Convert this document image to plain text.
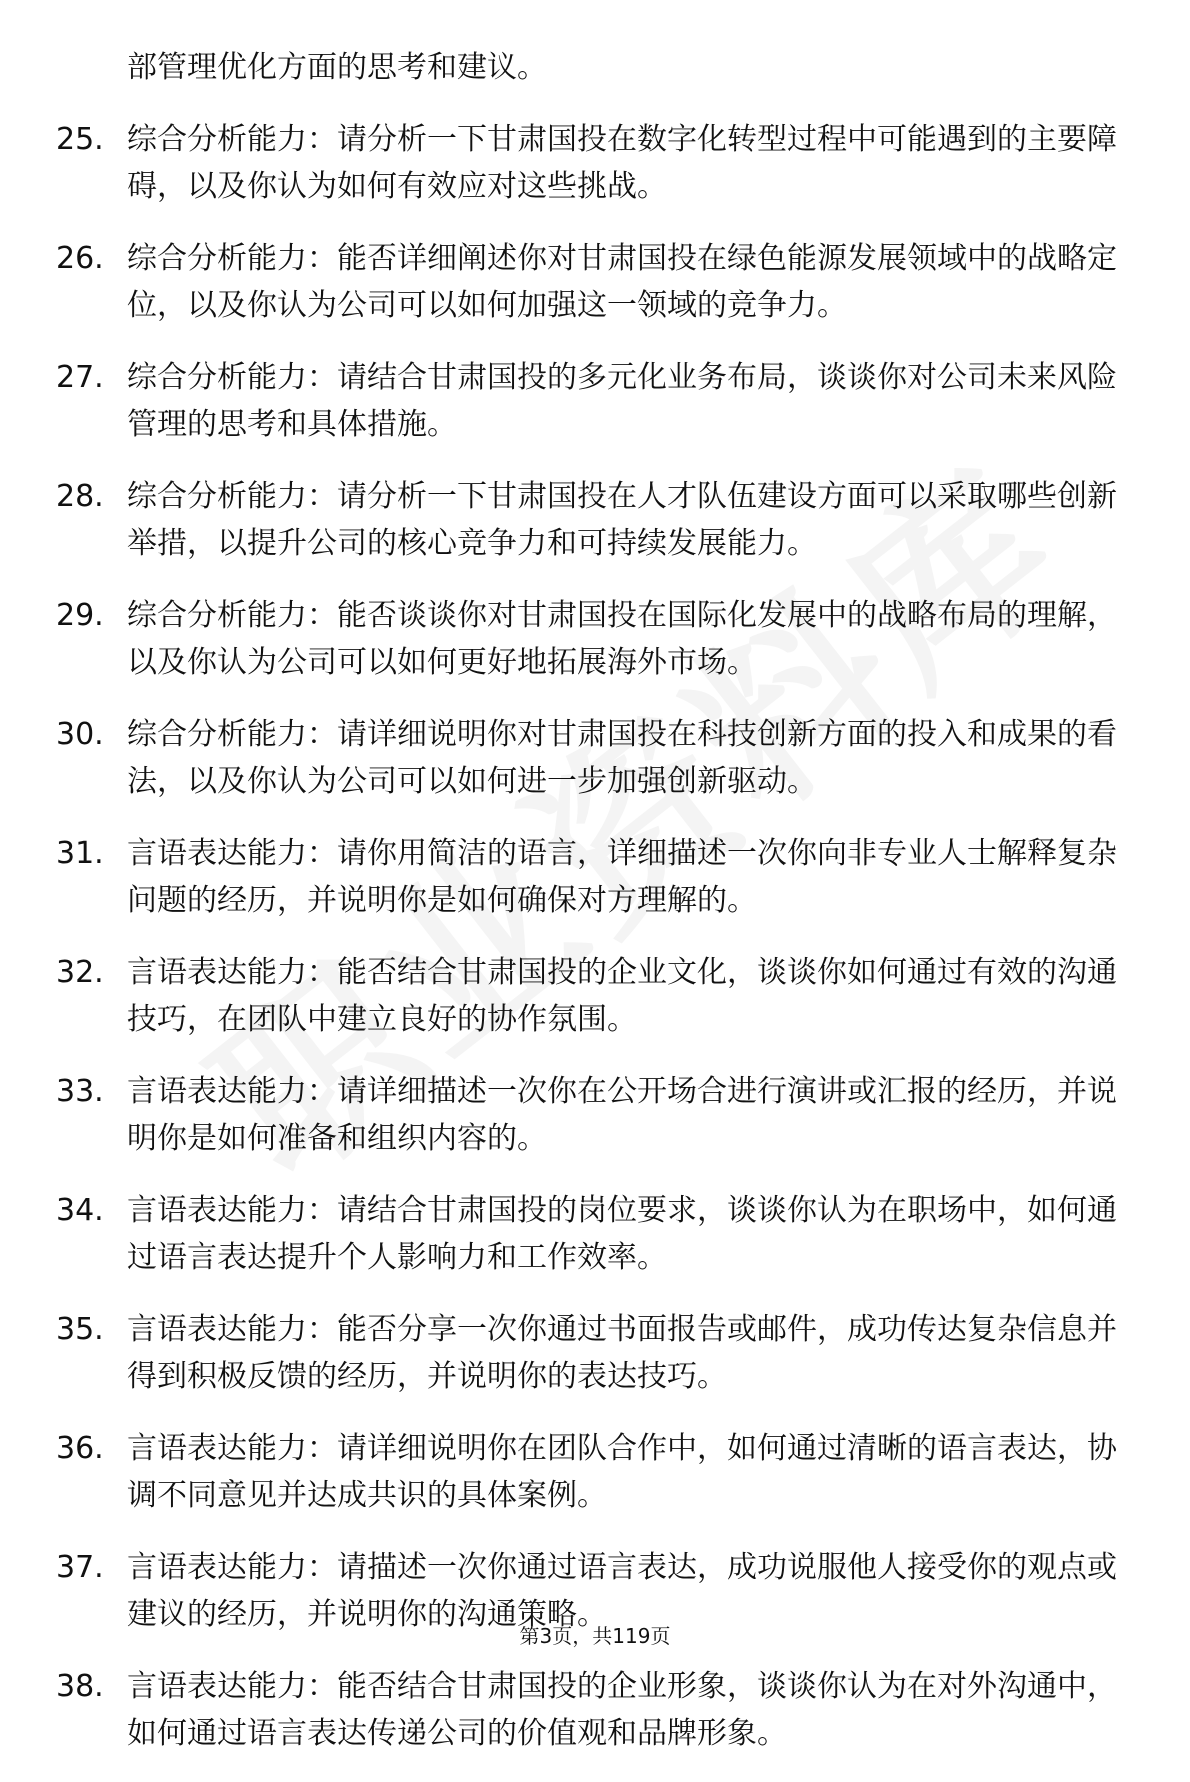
部管理优化方面的思考和建议。
25. 综合分析能力：请分析一下甘肃国投在数字化转型过程中可能遇到的主要障碍，以及你认为如何有效应对这些挑战。
26. 综合分析能力：能否详细阐述你对甘肃国投在绿色能源发展领域中的战略定位，以及你认为公司可以如何加强这一领域的竞争力。
27. 综合分析能力：请结合甘肃国投的多元化业务布局，谈谈你对公司未来风险管理的思考和具体措施。
28. 综合分析能力：请分析一下甘肃国投在人才队伍建设方面可以采取哪些创新举措，以提升公司的核心竞争力和可持续发展能力。
29. 综合分析能力：能否谈谈你对甘肃国投在国际化发展中的战略布局的理解，以及你认为公司可以如何更好地拓展海外市场。
30. 综合分析能力：请详细说明你对甘肃国投在科技创新方面的投入和成果的看法，以及你认为公司可以如何进一步加强创新驱动。
31. 言语表达能力：请你用简洁的语言，详细描述一次你向非专业人士解释复杂问题的经历，并说明你是如何确保对方理解的。
32. 言语表达能力：能否结合甘肃国投的企业文化，谈谈你如何通过有效的沟通技巧，在团队中建立良好的协作氛围。
33. 言语表达能力：请详细描述一次你在公开场合进行演讲或汇报的经历，并说明你是如何准备和组织内容的。
34. 言语表达能力：请结合甘肃国投的岗位要求，谈谈你认为在职场中，如何通过语言表达提升个人影响力和工作效率。
35. 言语表达能力：能否分享一次你通过书面报告或邮件，成功传达复杂信息并得到积极反馈的经历，并说明你的表达技巧。
36. 言语表达能力：请详细说明你在团队合作中，如何通过清晰的语言表达，协调不同意见并达成共识的具体案例。
37. 言语表达能力：请描述一次你通过语言表达，成功说服他人接受你的观点或建议的经历，并说明你的沟通策略。
38. 言语表达能力：能否结合甘肃国投的企业形象，谈谈你认为在对外沟通中，如何通过语言表达传递公司的价值观和品牌形象。
第3页，共119页
